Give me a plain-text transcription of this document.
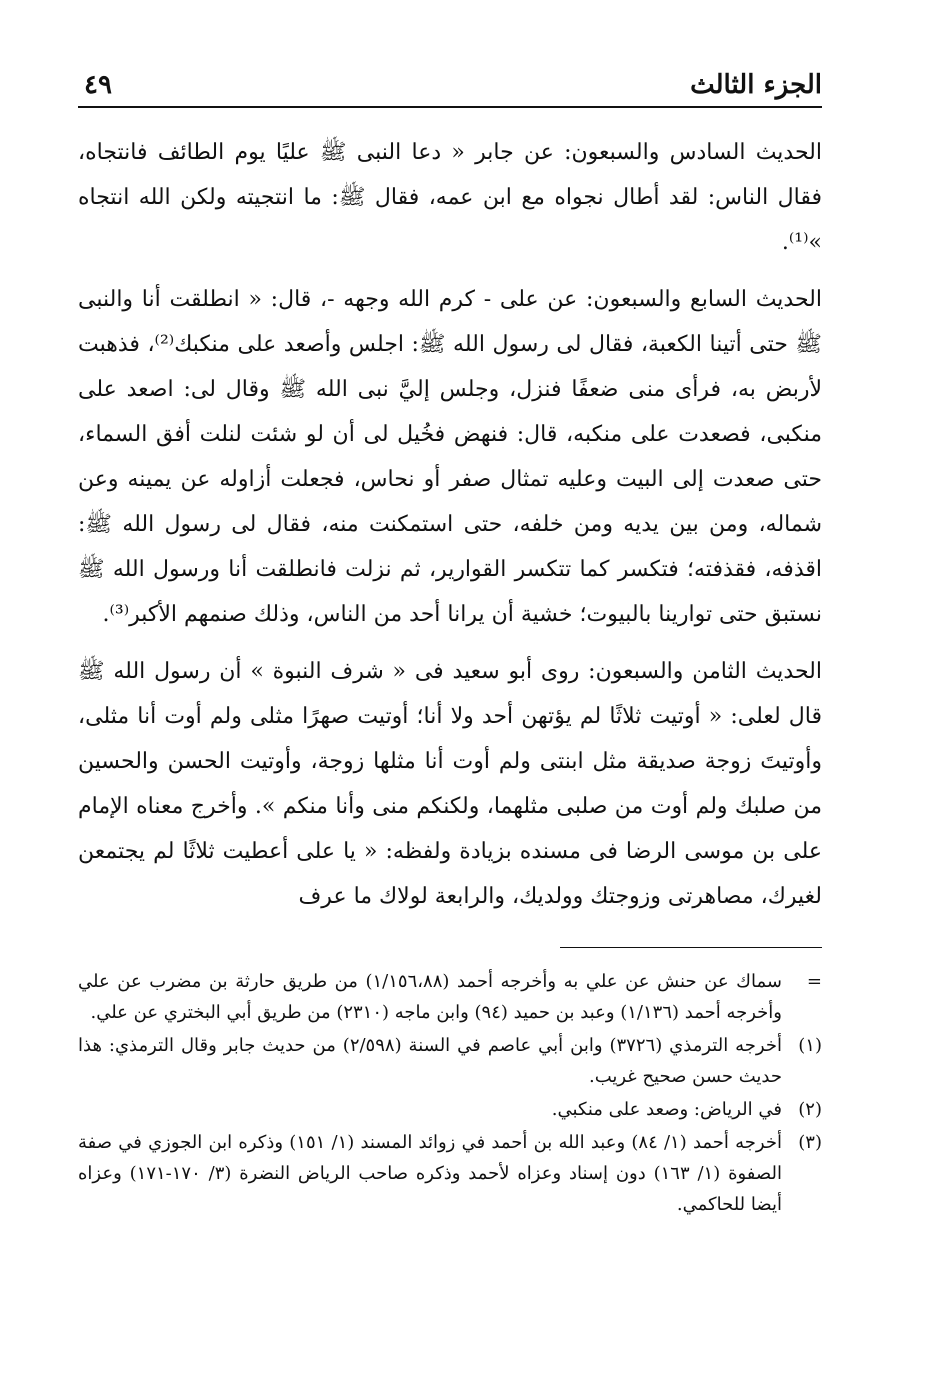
الجزء الثالث
٤٩

الحديث السادس والسبعون: عن جابر « دعا النبى ﷺ عليًا يوم الطائف فانتجاه، فقال الناس: لقد أطال نجواه مع ابن عمه، فقال ﷺ: ما انتجيته ولكن الله انتجاه »⁽¹⁾.

الحديث السابع والسبعون: عن على - كرم الله وجهه -، قال: « انطلقت أنا والنبى ﷺ حتى أتينا الكعبة، فقال لى رسول الله ﷺ: اجلس وأصعد على منكبك⁽²⁾، فذهبت لأربض به، فرأى منى ضعفًا فنزل، وجلس إليَّ نبى الله ﷺ وقال لى: اصعد على منكبى، فصعدت على منكبه، قال: فنهض فخُيل لى أن لو شئت لنلت أفق السماء، حتى صعدت إلى البيت وعليه تمثال صفر أو نحاس، فجعلت أزاوله عن يمينه وعن شماله، ومن بين يديه ومن خلفه، حتى استمكنت منه، فقال لى رسول الله ﷺ: اقذفه، فقذفته؛ فتكسر كما تتكسر القوارير، ثم نزلت فانطلقت أنا ورسول الله ﷺ نستبق حتى توارينا بالبيوت؛ خشية أن يرانا أحد من الناس، وذلك صنمهم الأكبر⁽³⁾.

الحديث الثامن والسبعون: روى أبو سعيد فى « شرف النبوة » أن رسول الله ﷺ قال لعلى: « أوتيت ثلاثًا لم يؤتهن أحد ولا أنا؛ أوتيت صهرًا مثلى ولم أوت أنا مثلى، وأوتيتَ زوجة صديقة مثل ابنتى ولم أوت أنا مثلها زوجة، وأوتيت الحسن والحسين من صلبك ولم أوت من صلبى مثلهما، ولكنكم منى وأنا منكم ». وأخرج معناه الإمام على بن موسى الرضا فى مسنده بزيادة ولفظه: « يا على أعطيت ثلاثًا لم يجتمعن لغيرك، مصاهرتى وزوجتك وولديك، والرابعة لولاك ما عرف

=
سماك عن حنش عن علي به وأخرجه أحمد (١/١٥٦،٨٨) من طريق حارثة بن مضرب عن علي وأخرجه أحمد (١/١٣٦) وعبد بن حميد (٩٤) وابن ماجه (٢٣١٠) من طريق أبي البختري عن علي.
(١)
أخرجه الترمذي (٣٧٢٦) وابن أبي عاصم في السنة (٢/٥٩٨) من حديث جابر وقال الترمذي: هذا حديث حسن صحيح غريب.
(٢)
في الرياض: وصعد على منكبي.
(٣)
أخرجه أحمد (١/ ٨٤) وعبد الله بن أحمد في زوائد المسند (١/ ١٥١) وذكره ابن الجوزي في صفة الصفوة (١/ ١٦٣) دون إسناد وعزاه لأحمد وذكره صاحب الرياض النضرة (٣/ ١٧٠-١٧١) وعزاه أيضا للحاكمي.
